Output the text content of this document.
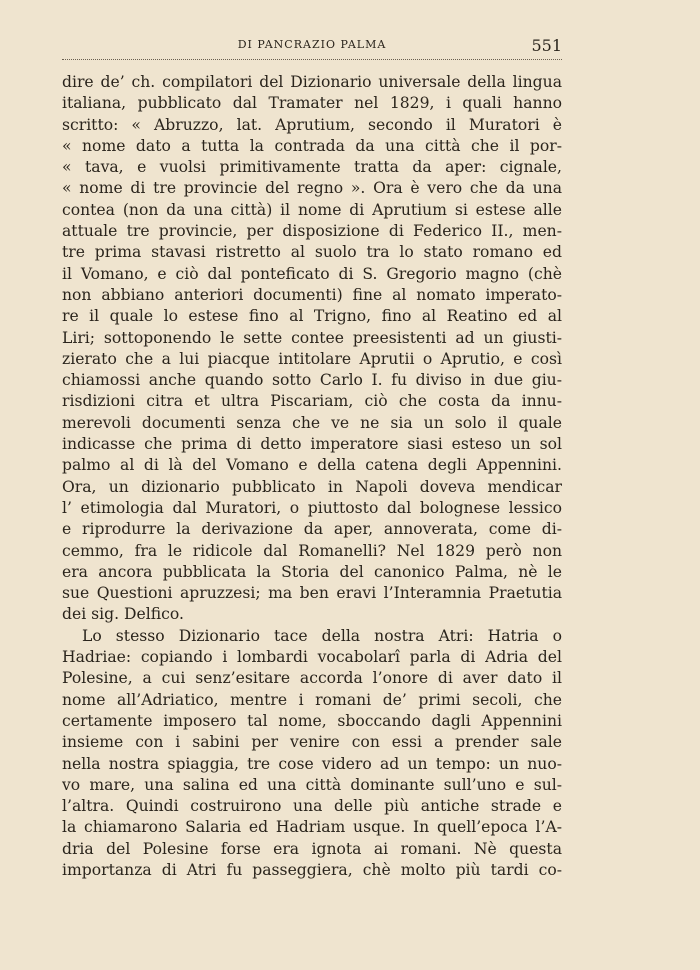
DI PANCRAZIO PALMA	551
dire de’ ch. compilatori del Dizionario universale della lingua
italiana, pubblicato dal Tramater nel 1829, i quali hanno
scritto: « Abruzzo, lat. Aprutium, secondo il Muratori è
« nome dato a tutta la contrada da una città che il por-
« tava, e vuolsi primitivamente tratta da aper: cignale,
« nome di tre provincie del regno ». Ora è vero che da una
contea (non da una città) il nome di Aprutium si estese alle
attuale tre provincie, per disposizione di Federico II., men-
tre prima stavasi ristretto al suolo tra lo stato romano ed
il Vomano, e ciò dal ponteficato di S. Gregorio magno (chè
non abbiano anteriori documenti) fine al nomato imperato-
re il quale lo estese fino al Trigno, fino al Reatino ed al
Liri; sottoponendo le sette contee preesistenti ad un giusti-
zierato che a lui piacque intitolare Aprutii o Aprutio, e così
chiamossi anche quando sotto Carlo I. fu diviso in due giu-
risdizioni citra et ultra Piscariam, ciò che costa da innu-
merevoli documenti senza che ve ne sia un solo il quale
indicasse che prima di detto imperatore siasi esteso un sol
palmo al di là del Vomano e della catena degli Appennini.
Ora, un dizionario pubblicato in Napoli doveva mendicar
l’ etimologia dal Muratori, o piuttosto dal bolognese lessico
e riprodurre la derivazione da aper, annoverata, come di-
cemmo, fra le ridicole dal Romanelli? Nel 1829 però non
era ancora pubblicata la Storia del canonico Palma, nè le
sue Questioni apruzzesi; ma ben eravi l’Interamnia Praetutia
dei sig. Delfico.
Lo stesso Dizionario tace della nostra Atri: Hatria o
Hadriae: copiando i lombardi vocabolarî parla di Adria del
Polesine, a cui senz’esitare accorda l’onore di aver dato il
nome all’Adriatico, mentre i romani de’ primi secoli, che
certamente imposero tal nome, sboccando dagli Appennini
insieme con i sabini per venire con essi a prender sale
nella nostra spiaggia, tre cose videro ad un tempo: un nuo-
vo mare, una salina ed una città dominante sull’uno e sul-
l’altra. Quindi costruirono una delle più antiche strade e
la chiamarono Salaria ed Hadriam usque. In quell’epoca l’A-
dria del Polesine forse era ignota ai romani. Nè questa
importanza di Atri fu passeggiera, chè molto più tardi co-
